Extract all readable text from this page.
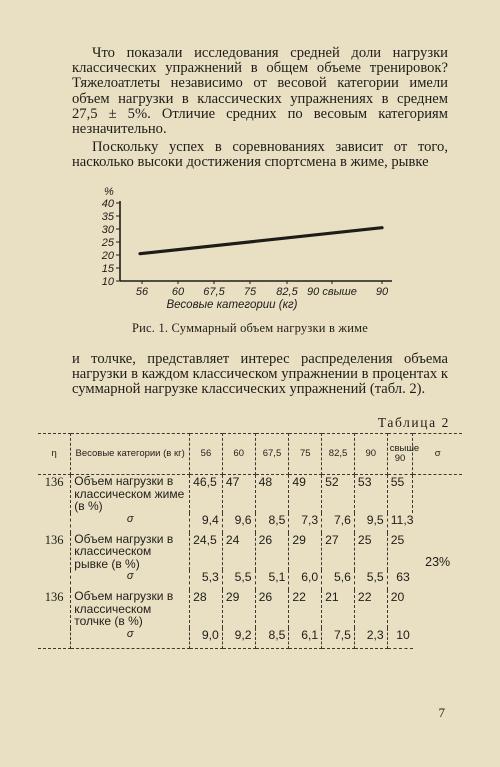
Что показали исследования средней доли нагрузки классических упражнений в общем объеме тренировок? Тяжелоатлеты независимо от весовой категории имели объем нагрузки в классических упражнениях в среднем 27,5 ± 5%. Отличие средних по весовым категориям незначительно.

Поскольку успех в соревнованиях зависит от того, насколько высоки достижения спортсмена в жиме, рывке

%
40
35
30
25
20
15
10
56 60 67,5 75 82,5 90 свыше 90
Весовые категории (кг)

Рис. 1. Суммарный объем нагрузки в жиме

и толчке, представляет интерес распределения объема нагрузки в каждом классическом упражнении в процентах к суммарной нагрузке классических упражнений (табл. 2).

Таблица 2

η	Весовые категории (в кг)	56	60	67,5	75	82,5	90	свыше 90	σ
136	Объем нагрузки в классическом жиме (в %)	46,5	47	48	49	52	53	55	23%
	σ	9,4	9,6	8,5	7,3	7,6	9,5	11,3	
136	Объем нагрузки в классическом рывке (в %)	24,5	24	26	29	27	25	25	
	σ	5,3	5,5	5,1	6,0	5,6	5,5	63	
136	Объем нагрузки в классическом толчке (в %)	28	29	26	22	21	22	20	
	σ	9,0	9,2	8,5	6,1	7,5	2,3	10	

7
